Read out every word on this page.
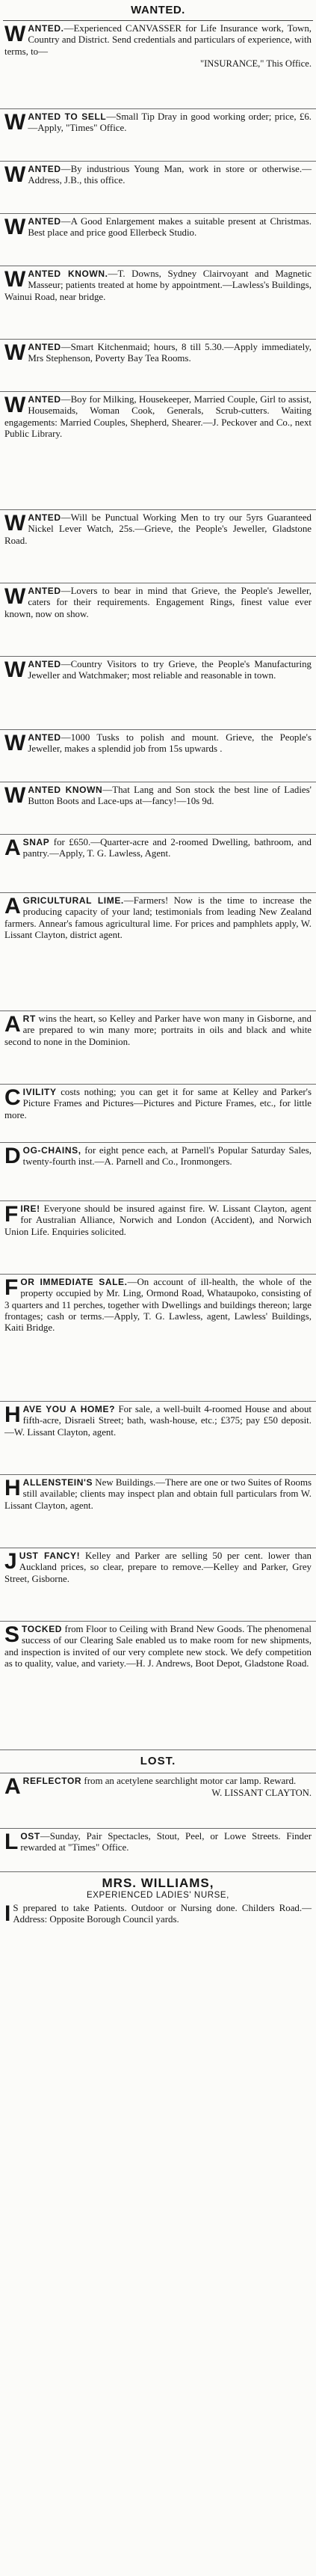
WANTED.

WANTED.—Experienced CANVASSER for Life Insurance work, Town, Country and District. Send credentials and particulars of experience, with terms, to—

"INSURANCE," This Office.

WANTED TO SELL—Small Tip Dray in good working order; price, £6.—Apply, "Times" Office.

WANTED—By industrious Young Man, work in store or otherwise.—Address, J.B., this office.

WANTED—A Good Enlargement makes a suitable present at Christmas. Best place and price good Ellerbeck Studio.

WANTED KNOWN.—T. Downs, Sydney Clairvoyant and Magnetic Masseur; patients treated at home by appointment.—Lawless's Buildings, Wainui Road, near bridge.

WANTED—Smart Kitchenmaid; hours, 8 till 5.30.—Apply immediately, Mrs Stephenson, Poverty Bay Tea Rooms.

WANTED—Boy for Milking, Housekeeper, Married Couple, Girl to assist, Housemaids, Woman Cook, Generals, Scrub-cutters. Waiting engagements: Married Couples, Shepherd, Shearer.—J. Peckover and Co., next Public Library.

WANTED—Will be Punctual Working Men to try our 5yrs Guaranteed Nickel Lever Watch, 25s.—Grieve, the People's Jeweller, Gladstone Road.

WANTED—Lovers to bear in mind that Grieve, the People's Jeweller, caters for their requirements. Engagement Rings, finest value ever known, now on show.

WANTED—Country Visitors to try Grieve, the People's Manufacturing Jeweller and Watchmaker; most reliable and reasonable in town.

WANTED—1000 Tusks to polish and mount. Grieve, the People's Jeweller, makes a splendid job from 15s upwards .

WANTED KNOWN—That Lang and Son stock the best line of Ladies' Button Boots and Lace-ups at—fancy!—10s 9d.

A SNAP for £650.—Quarter-acre and 2-roomed Dwelling, bathroom, and pantry.—Apply, T. G. Lawless, Agent.

AGRICULTURAL LIME.—Farmers! Now is the time to increase the producing capacity of your land; testimonials from leading New Zealand farmers. Annear's famous agricultural lime. For prices and pamphlets apply, W. Lissant Clayton, district agent.

ART wins the heart, so Kelley and Parker have won many in Gisborne, and are prepared to win many more; portraits in oils and black and white second to none in the Dominion.

CIVILITY costs nothing; you can get it for same at Kelley and Parker's Picture Frames and Pictures—Pictures and Picture Frames, etc., for little more.

DOG-CHAINS, for eight pence each, at Parnell's Popular Saturday Sales, twenty-fourth inst.—A. Parnell and Co., Ironmongers.

FIRE! Everyone should be insured against fire. W. Lissant Clayton, agent for Australian Alliance, Norwich and London (Accident), and Norwich Union Life. Enquiries solicited.

FOR IMMEDIATE SALE.—On account of ill-health, the whole of the property occupied by Mr. Ling, Ormond Road, Whataupoko, consisting of 3 quarters and 11 perches, together with Dwellings and buildings thereon; large frontages; cash or terms.—Apply, T. G. Lawless, agent, Lawless' Buildings, Kaiti Bridge.

HAVE YOU A HOME? For sale, a well-built 4-roomed House and about fifth-acre, Disraeli Street; bath, wash-house, etc.; £375; pay £50 deposit.—W. Lissant Clayton, agent.

HALLENSTEIN'S New Buildings.—There are one or two Suites of Rooms still available; clients may inspect plan and obtain full particulars from W. Lissant Clayton, agent.

JUST FANCY! Kelley and Parker are selling 50 per cent. lower than Auckland prices, so clear, prepare to remove.—Kelley and Parker, Grey Street, Gisborne.

STOCKED from Floor to Ceiling with Brand New Goods. The phenomenal success of our Clearing Sale enabled us to make room for new shipments, and inspection is invited of our very complete new stock. We defy competition as to quality, value, and variety.—H. J. Andrews, Boot Depot, Gladstone Road.

LOST.

A REFLECTOR from an acetylene searchlight motor car lamp. Reward.

W. LISSANT CLAYTON.

LOST—Sunday, Pair Spectacles, Stout, Peel, or Lowe Streets. Finder rewarded at "Times" Office.

MRS. WILLIAMS,
EXPERIENCED LADIES' NURSE,

I S prepared to take Patients. Outdoor or Nursing done. Childers Road.—Address: Opposite Borough Council yards.
